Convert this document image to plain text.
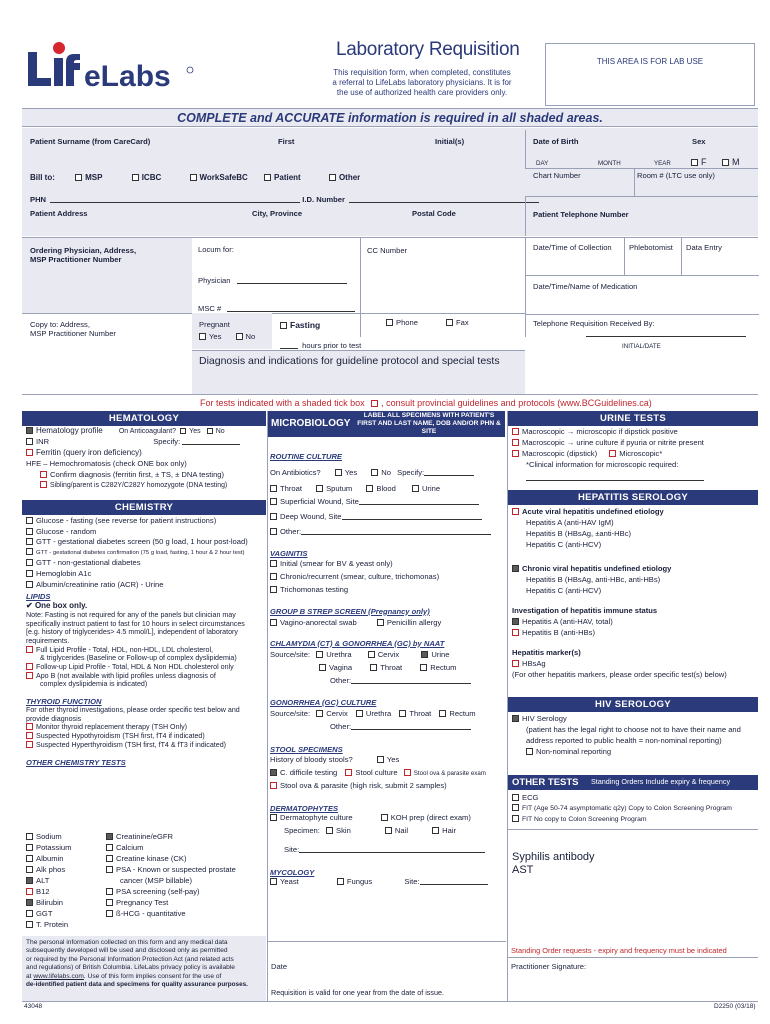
eLabs
Laboratory Requisition
This requisition form, when completed, constitutes
a referral to LifeLabs laboratory physicians. It is for
the use of authorized health care providers only.
THIS AREA IS FOR LAB USE
COMPLETE and ACCURATE information is required in all shaded areas.
Patient Surname (from CareCard)	First	Initial(s)	Date of Birth	Sex
DAY	MONTH	YEAR	F	M
Bill to:	MSP	ICBC	WorkSafeBC	Patient	Other	Chart Number	Room # (LTC use only)
PHN	I.D. Number
Patient Address	City, Province	Postal Code	Patient Telephone Number
Ordering Physician, Address,
MSP Practitioner Number
Locum for:	CC Number
Physician
MSC #
Date/Time of Collection Phlebotomist Data Entry
Date/Time/Name of Medication
Telephone Requisition Received By:
INITIAL/DATE
Copy to: Address,
MSP Practitioner Number
Pregnant
Yes	No
Fasting
hours prior to test
Phone	Fax
Diagnosis and indications for guideline protocol and special tests
For tests indicated with a shaded tick box , consult provincial guidelines and protocols (www.BCGuidelines.ca)
HEMATOLOGY
Hematology profile On Anticoagulant? Yes No
INR	Specify:
Ferritin (query iron deficiency)
HFE – Hemochromatosis (check ONE box only)
Confirm diagnosis (ferritin first, ± TS, ± DNA testing)
Sibling/parent is C282Y/C282Y homozygote (DNA testing)
CHEMISTRY
Glucose - fasting (see reverse for patient instructions)
Glucose - random
GTT - gestational diabetes screen (50 g load, 1 hour post-load)
GTT - gestational diabetes confirmation (75 g load, fasting, 1 hour & 2 hour test)
GTT - non-gestational diabetes
Hemoglobin A1c
Albumin/creatinine ratio (ACR) - Urine
LIPIDS
✔ One box only.
Note: Fasting is not required for any of the panels but clinician may
specifically instruct patient to fast for 10 hours in select circumstances
[e.g. history of triglycerides> 4.5 mmol/L], independent of laboratory
requirements.
Full Lipid Profile - Total, HDL, non-HDL, LDL cholesterol,
& triglycerides (Baseline or Follow-up of complex dyslipidemia)
Follow-up Lipid Profile - Total, HDL & Non HDL cholesterol only
Apo B (not available with lipid profiles unless diagnosis of
complex dyslipidemia is indicated)
THYROID FUNCTION
For other thyroid investigations, please order specific test below and
provide diagnosis
Monitor thyroid replacement therapy (TSH Only)
Suspected Hypothyroidism (TSH first, fT4 if indicated)
Suspected Hyperthyroidism (TSH first, fT4 & fT3 if indicated)
OTHER CHEMISTRY TESTS
Sodium
Potassium
Albumin
Alk phos
ALT
B12
Bilirubin
GGT
T. Protein
Creatinine/eGFR
Calcium
Creatine kinase (CK)
PSA - Known or suspected prostate
cancer (MSP billable)
PSA screening (self-pay)
Pregnancy Test
ß-HCG - quantitative
The personal information collected on this form and any medical data
subsequently developed will be used and disclosed only as permitted
or required by the Personal Information Protection Act (and related acts
and regulations) of British Columbia. LifeLabs privacy policy is available
at www.lifelabs.com. Use of this form implies consent for the use of
de-identified patient data and specimens for quality assurance purposes.
MICROBIOLOGY
LABEL ALL SPECIMENS WITH PATIENT'S FIRST AND LAST NAME, DOB AND/OR PHN & SITE
ROUTINE CULTURE
On Antibiotics?	Yes	No Specify:
Throat	Sputum	Blood	Urine
Superficial Wound, Site
Deep Wound, Site
Other:
VAGINITIS
Initial (smear for BV & yeast only)
Chronic/recurrent (smear, culture, trichomonas)
Trichomonas testing
GROUP B STREP SCREEN (Pregnancy only)
Vagino-anorectal swab	Penicillin allergy
CHLAMYDIA (CT) & GONORRHEA (GC) by NAAT
Source/site: Urethra	Cervix	Urine
Vagina	Throat	Rectum
Other:
GONORRHEA (GC) CULTURE
Source/site: Cervix Urethra Throat Rectum
Other:
STOOL SPECIMENS
History of bloody stools?	Yes
C. difficile testing Stool culture	Stool ova & parasite exam
Stool ova & parasite (high risk, submit 2 samples)
DERMATOPHYTES
Dermatophyte culture	KOH prep (direct exam)
Specimen: Skin	Nail	Hair
Site:
MYCOLOGY
Yeast	Fungus	Site:
Date
Requisition is valid for one year from the date of issue.
URINE TESTS
Macroscopic → microscopic if dipstick positive
Macroscopic → urine culture if pyuria or nitrite present
Macroscopic (dipstick)	Microscopic*
*Clinical information for microscopic required:
HEPATITIS SEROLOGY
Acute viral hepatitis undefined etiology
Hepatitis A (anti-HAV IgM)
Hepatitis B (HBsAg, ±anti-HBc)
Hepatitis C (anti-HCV)
Chronic viral hepatitis undefined etiology
Hepatitis B (HBsAg, anti-HBc, anti-HBs)
Hepatitis C (anti-HCV)
Investigation of hepatitis immune status
Hepatitis A (anti-HAV, total)
Hepatitis B (anti-HBs)
Hepatitis marker(s)
HBsAg
(For other hepatitis markers, please order specific test(s) below)
HIV SEROLOGY
HIV Serology
(patient has the legal right to choose not to have their name and
address reported to public health = non-nominal reporting)
Non-nominal reporting
OTHER TESTS Standing Orders Include expiry & frequency
ECG
FIT (Age 50-74 asymptomatic q2y) Copy to Colon Screening Program
FIT No copy to Colon Screening Program
Syphilis antibody
AST
Standing Order requests - expiry and frequency must be indicated
Practitioner Signature:
43048	D2250 (03/18)
